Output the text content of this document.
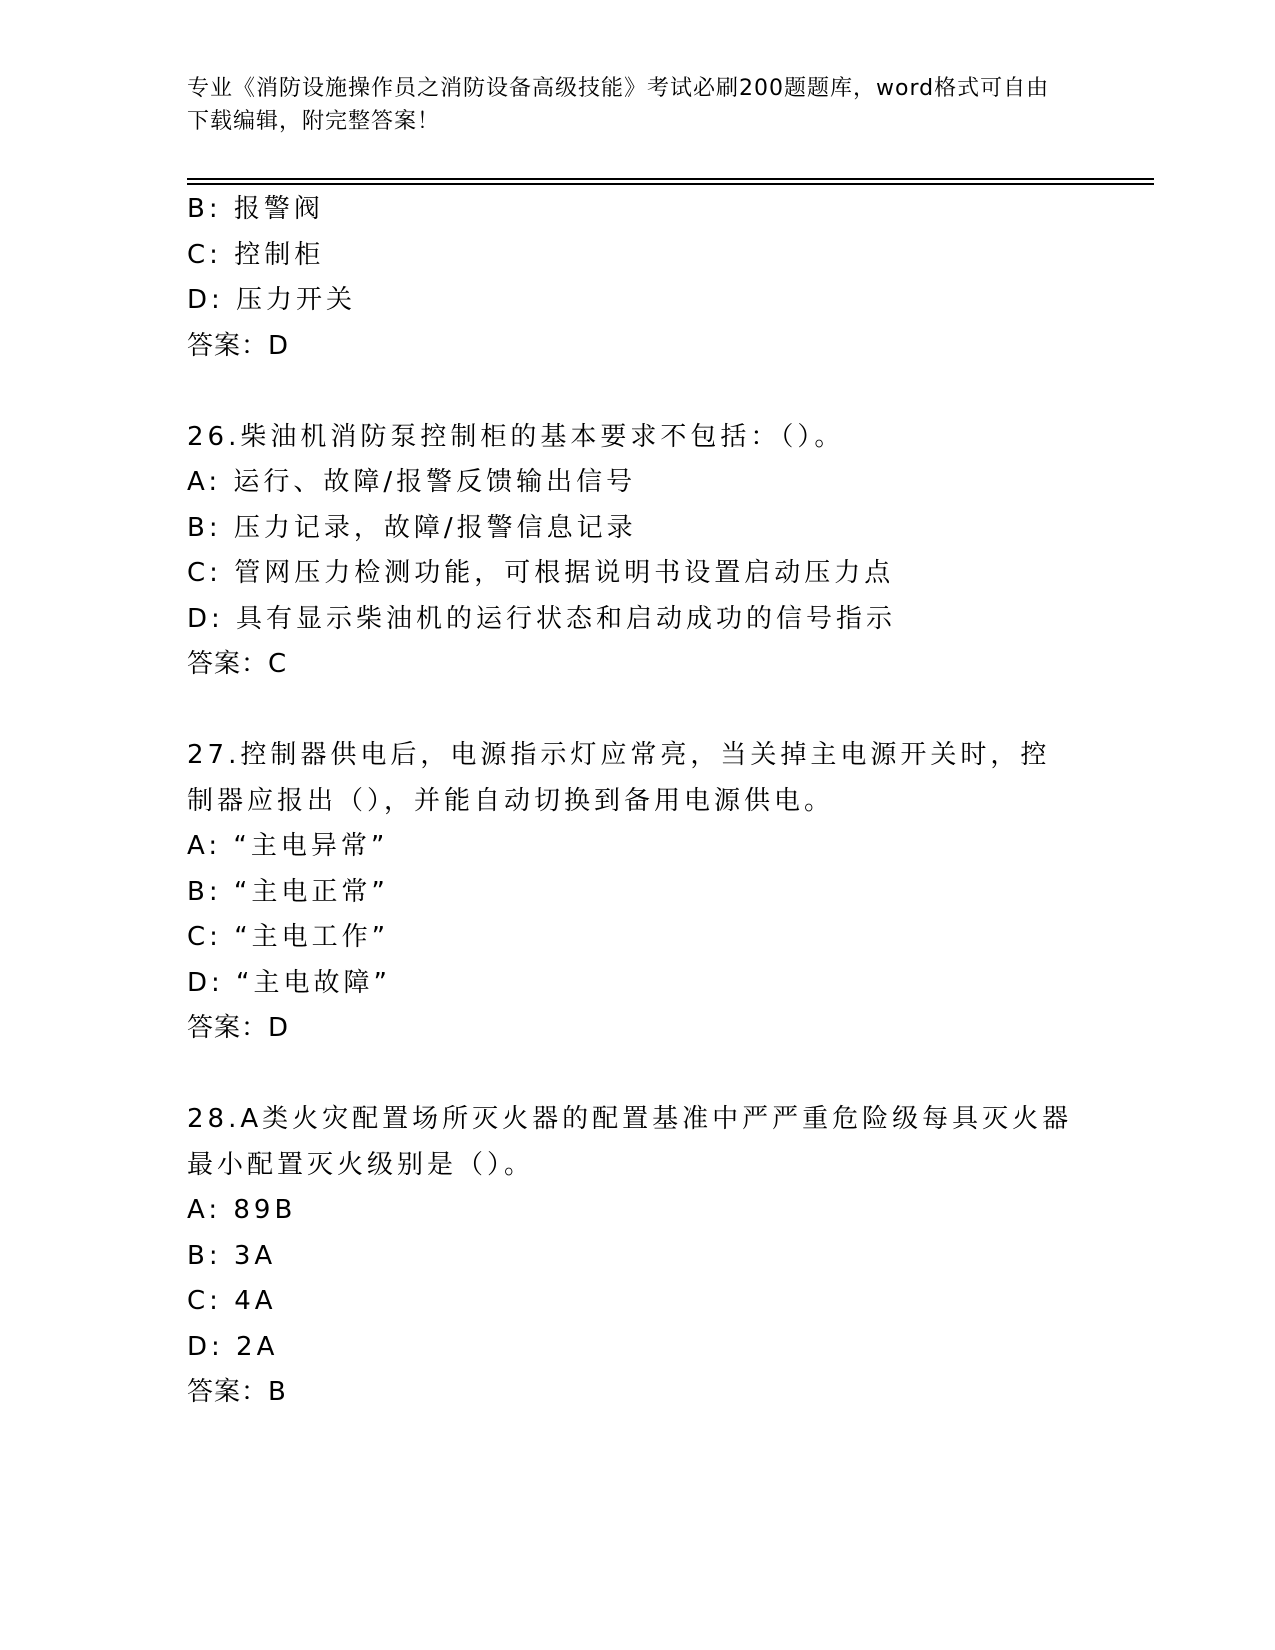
专业《消防设施操作员之消防设备高级技能》考试必刷200题题库，word格式可自由下载编辑，附完整答案！
B: 报警阀
C: 控制柜
D: 压力开关
答案：D
26.柴油机消防泵控制柜的基本要求不包括：（）。
A: 运行、故障/报警反馈输出信号
B: 压力记录，故障/报警信息记录
C: 管网压力检测功能，可根据说明书设置启动压力点
D: 具有显示柴油机的运行状态和启动成功的信号指示
答案：C
27.控制器供电后，电源指示灯应常亮，当关掉主电源开关时，控制器应报出（），并能自动切换到备用电源供电。
A: “主电异常”
B: “主电正常”
C: “主电工作”
D: “主电故障”
答案：D
28.A类火灾配置场所灭火器的配置基准中严严重危险级每具灭火器最小配置灭火级别是（）。
A: 89B
B: 3A
C: 4A
D: 2A
答案：B
